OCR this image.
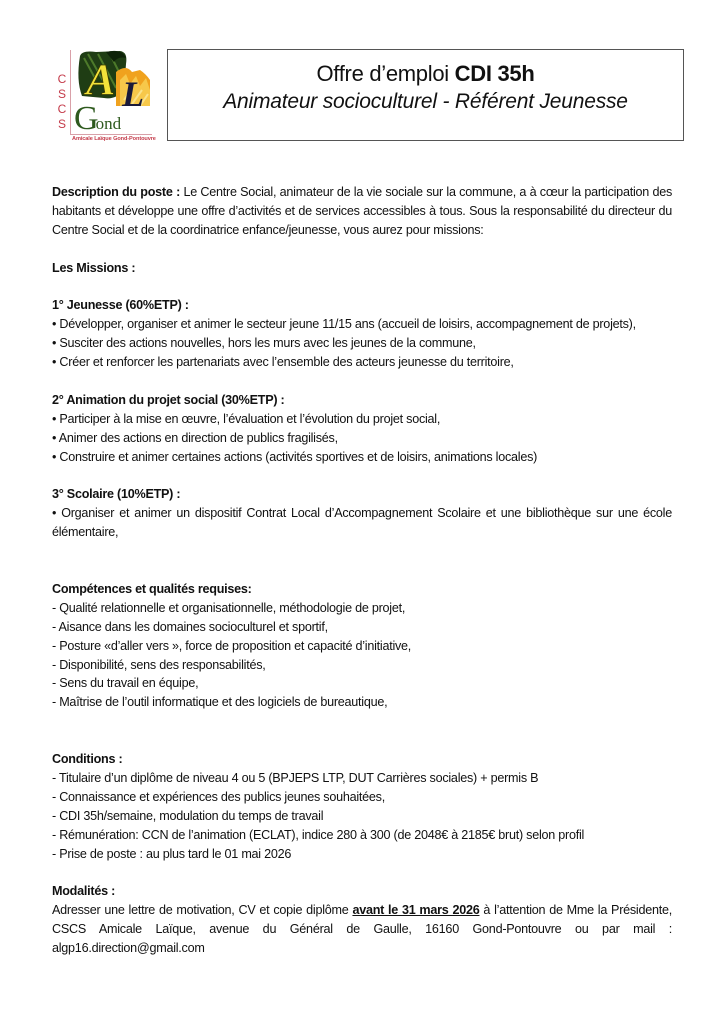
C
S
C
S
A L
Gond
Amicale Laïque Gond-Pontouvre
Offre d’emploi CDI 35h
Animateur socioculturel - Référent Jeunesse

Description du poste : Le Centre Social, animateur de la vie sociale sur la commune, a à cœur la participation des habitants et développe une offre d’activités et de services accessibles à tous. Sous la responsabilité du directeur du Centre Social et de la coordinatrice enfance/jeunesse, vous aurez pour missions:

Les Missions :

1° Jeunesse (60%ETP) :

• Développer, organiser et animer le secteur jeune 11/15 ans (accueil de loisirs, accompagnement de projets),

• Susciter des actions nouvelles, hors les murs avec les jeunes de la commune,

• Créer et renforcer les partenariats avec l’ensemble des acteurs jeunesse du territoire,

2° Animation du projet social (30%ETP) :

• Participer à la mise en œuvre, l’évaluation et l’évolution du projet social,

• Animer des actions en direction de publics fragilisés,

• Construire et animer certaines actions (activités sportives et de loisirs, animations locales)

3° Scolaire (10%ETP) :

• Organiser et animer un dispositif Contrat Local d’Accompagnement Scolaire et une bibliothèque sur une école élémentaire,

Compétences et qualités requises:

- Qualité relationnelle et organisationnelle, méthodologie de projet,

- Aisance dans les domaines socioculturel et sportif,

- Posture «d’aller vers », force de proposition et capacité d’initiative,

- Disponibilité, sens des responsabilités,

- Sens du travail en équipe,

- Maîtrise de l’outil informatique et des logiciels de bureautique,

Conditions :

- Titulaire d’un diplôme de niveau 4 ou 5 (BPJEPS LTP, DUT Carrières sociales) + permis B

- Connaissance et expériences des publics jeunes souhaitées,

- CDI 35h/semaine, modulation du temps de travail

- Rémunération: CCN de l’animation (ECLAT), indice 280 à 300 (de 2048€ à 2185€ brut) selon profil

- Prise de poste : au plus tard le 01 mai 2026

Modalités :

Adresser une lettre de motivation, CV et copie diplôme avant le 31 mars 2026 à l’attention de Mme la Présidente, CSCS Amicale Laïque, avenue du Général de Gaulle, 16160 Gond-Pontouvre ou par mail : algp16.direction@gmail.com
